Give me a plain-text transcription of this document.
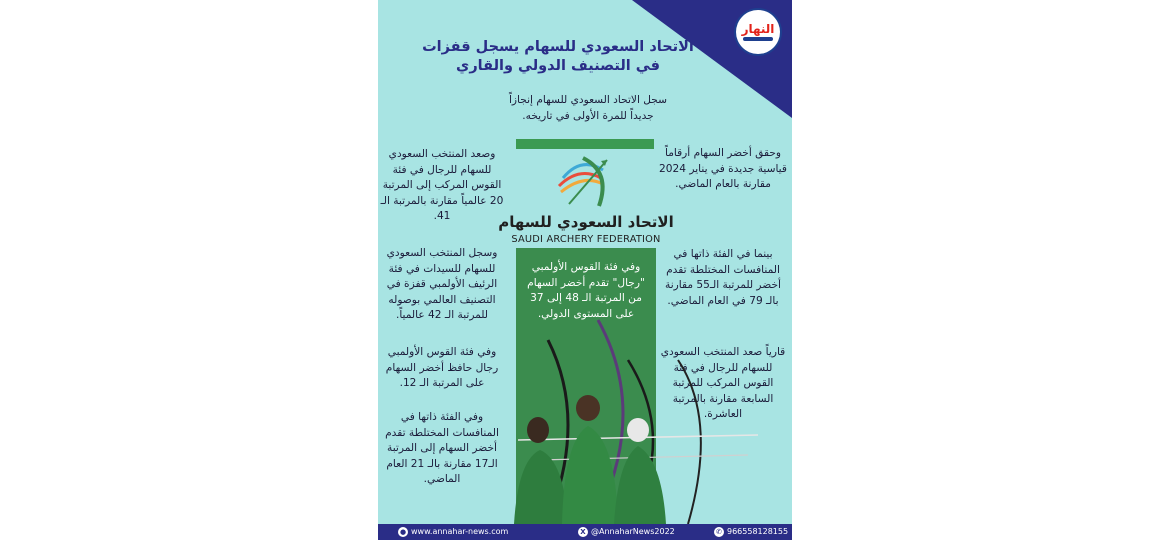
النهار
الاتحاد السعودي للسهام يسجل قفزات
في التصنيف الدولي والقاري
سجل الاتحاد السعودي للسهام إنجازاً جديداً للمرة الأولى في تاريخه.
الاتحاد السعودي للسهام
SAUDI ARCHERY FEDERATION
وحقق أخضر السهام أرقاماً قياسية جديدة في يناير 2024 مقارنة بالعام الماضي.
وصعد المنتخب السعودي للسهام للرجال في فئة القوس المركب إلى المرتبة 20 عالمياً مقارنة بالمرتبة الـ 41.
بينما في الفئة ذاتها في المنافسات المختلطة تقدم أخضر للمرتبة الـ55 مقارنة بالـ 79 في العام الماضي.
وسجل المنتخب السعودي للسهام للسيدات في فئة الرئيف الأولمبي قفزة في التصنيف العالمي بوصوله للمرتبة الـ 42 عالمياً.
قارياً صعد المنتخب السعودي للسهام للرجال في فئة القوس المركب للمرتبة السابعة مقارنة بالمرتبة العاشرة.
وفي فئة القوس الأولمبي رجال حافظ أخضر السهام على المرتبة الـ 12.
وفي الفئة ذاتها في المنافسات المختلطة تقدم أخضر السهام إلى المرتبة الـ17 مقارنة بالـ 21 العام الماضي.
وفي فئة القوس الأولمبي "رجال" تقدم أخضر السهام من المرتبة الـ 48 إلى 37 على المستوى الدولي.
● www.annahar-news.com	X @AnnaharNews2022	✆ 966558128155
